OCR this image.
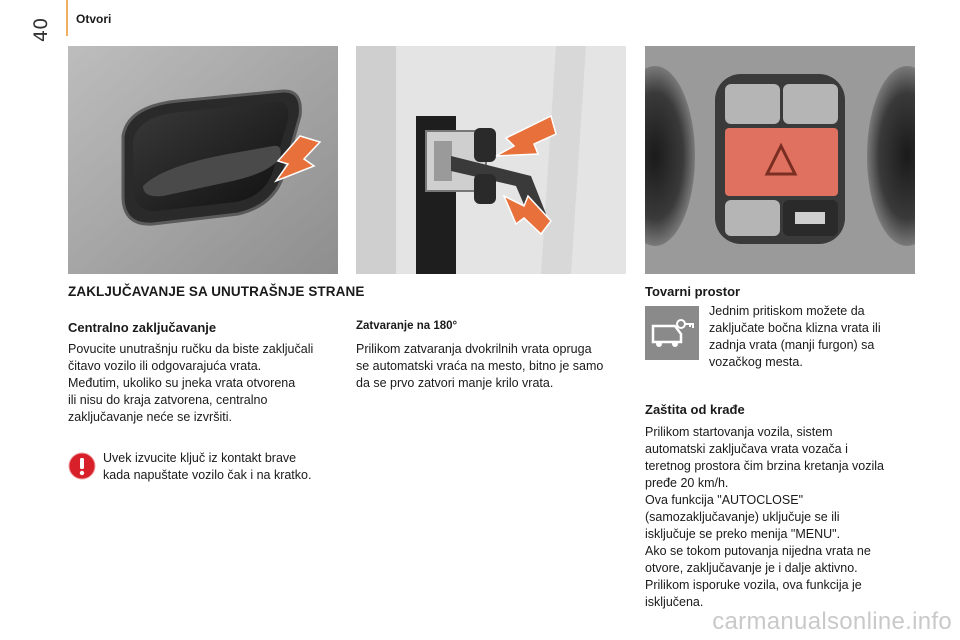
40 Otvori
ZAKLJUČAVANJE SA UNUTRAŠNJE STRANE
Centralno zaključavanje
Povucite unutrašnju ručku da biste zaključali
čitavo vozilo ili odgovarajuća vrata.
Međutim, ukoliko su jneka vrata otvorena
ili nisu do kraja zatvorena, centralno
zaključavanje neće se izvršiti.
Uvek izvucite ključ iz kontakt brave
kada napuštate vozilo čak i na kratko.
Zatvaranje na 180°
Prilikom zatvaranja dvokrilnih vrata opruga
se automatski vraća na mesto, bitno je samo
da se prvo zatvori manje krilo vrata.
Tovarni prostor
Jednim pritiskom možete da
zaključate bočna klizna vrata ili
zadnja vrata (manji furgon) sa
vozačkog mesta.
Zaštita od krađe
Prilikom startovanja vozila, sistem
automatski zaključava vrata vozača i
teretnog prostora čim brzina kretanja vozila
pređe 20 km/h.
Ova funkcija "AUTOCLOSE"
(samozaključavanje) uključuje se ili
isključuje se preko menija "MENU".
Ako se tokom putovanja nijedna vrata ne
otvore, zaključavanje je i dalje aktivno.
Prilikom isporuke vozila, ova funkcija je
isključena.
carmanualsonline.info
